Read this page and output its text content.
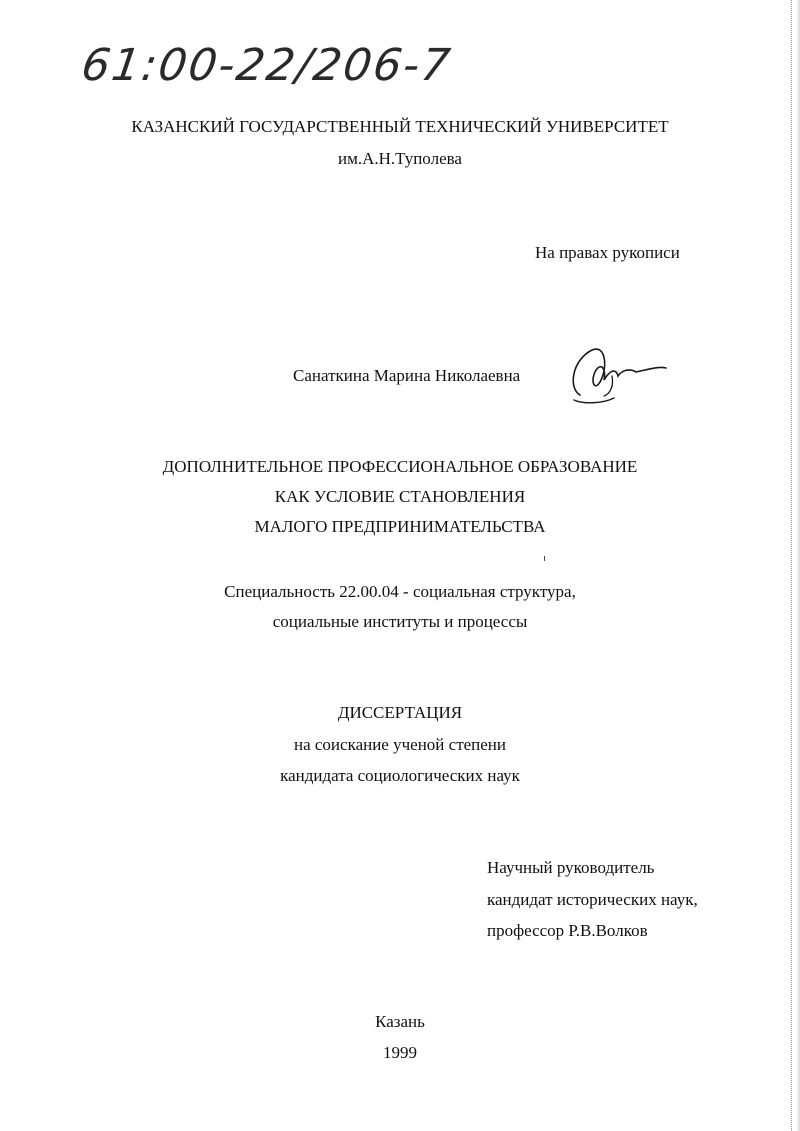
61:00-22/206-7
КАЗАНСКИЙ ГОСУДАРСТВЕННЫЙ ТЕХНИЧЕСКИЙ УНИВЕРСИТЕТ
им.А.Н.Туполева
На правах рукописи
Санаткина Марина Николаевна
ДОПОЛНИТЕЛЬНОЕ ПРОФЕССИОНАЛЬНОЕ ОБРАЗОВАНИЕ
КАК УСЛОВИЕ СТАНОВЛЕНИЯ
МАЛОГО ПРЕДПРИНИМАТЕЛЬСТВА
Специальность 22.00.04 - социальная структура,
социальные институты и процессы
ДИССЕРТАЦИЯ
на соискание ученой степени
кандидата социологических наук
Научный руководитель
кандидат исторических наук,
профессор Р.В.Волков
Казань
1999
